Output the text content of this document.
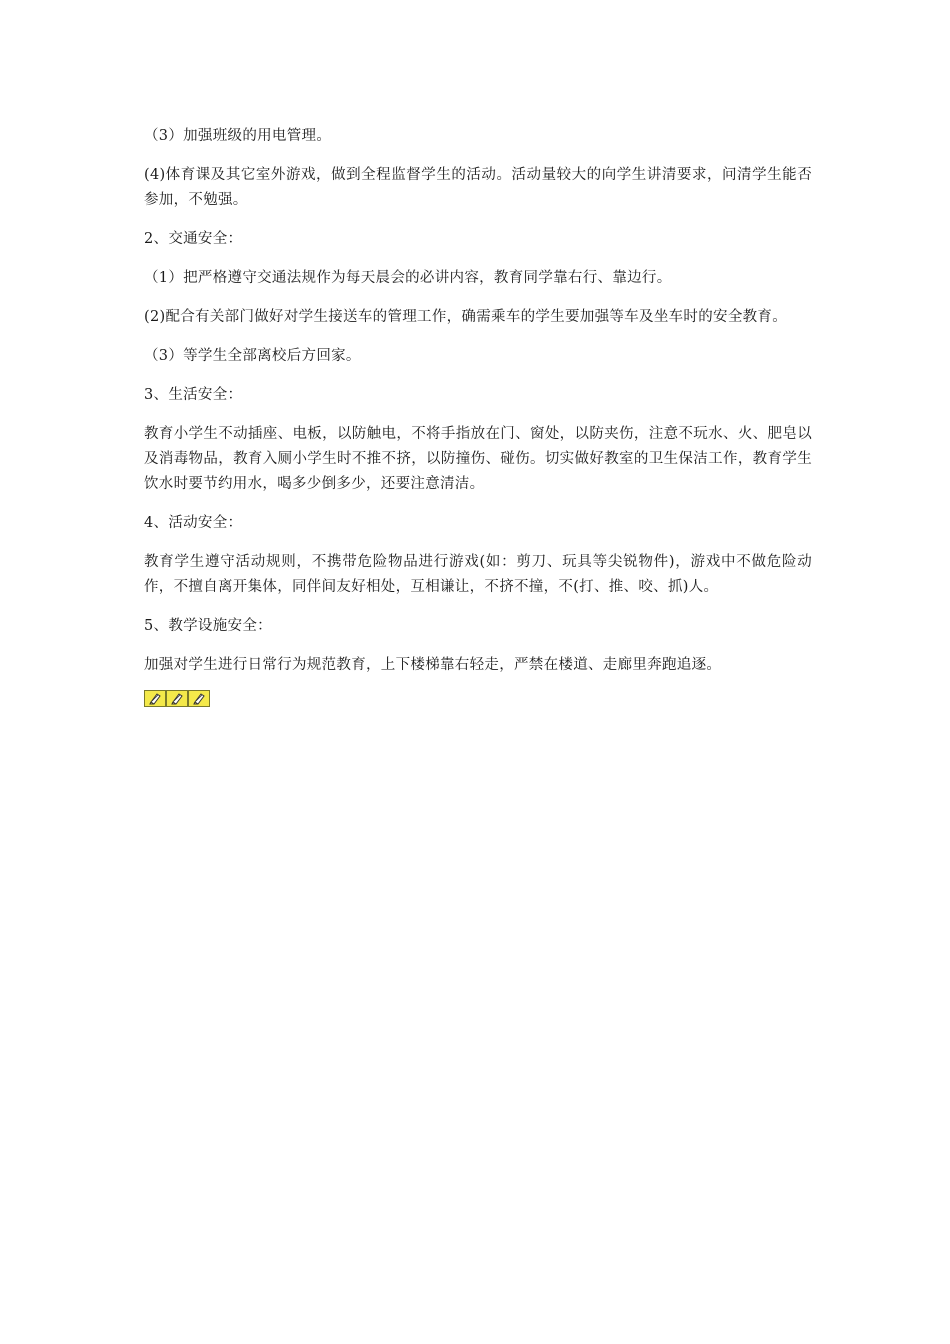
（3）加强班级的用电管理。

(4)体育课及其它室外游戏，做到全程监督学生的活动。活动量较大的向学生讲清要求，问清学生能否参加，不勉强。

2、交通安全：

（1）把严格遵守交通法规作为每天晨会的必讲内容，教育同学靠右行、靠边行。

(2)配合有关部门做好对学生接送车的管理工作，确需乘车的学生要加强等车及坐车时的安全教育。

（3）等学生全部离校后方回家。

3、生活安全：

教育小学生不动插座、电板，以防触电，不将手指放在门、窗处，以防夹伤，注意不玩水、火、肥皂以及消毒物品，教育入厕小学生时不推不挤，以防撞伤、碰伤。切实做好教室的卫生保洁工作，教育学生饮水时要节约用水，喝多少倒多少，还要注意清洁。

4、活动安全：

教育学生遵守活动规则，不携带危险物品进行游戏(如：剪刀、玩具等尖锐物件)，游戏中不做危险动作，不擅自离开集体，同伴间友好相处，互相谦让，不挤不撞，不(打、推、咬、抓)人。

5、教学设施安全：

加强对学生进行日常行为规范教育，上下楼梯靠右轻走，严禁在楼道、走廊里奔跑追逐。
